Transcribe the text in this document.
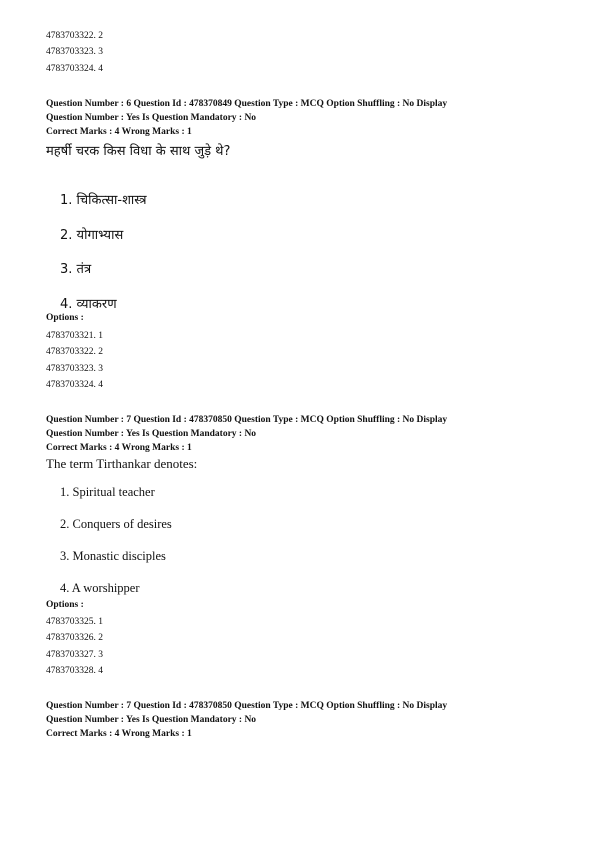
4783703322. 2
4783703323. 3
4783703324. 4
Question Number : 6 Question Id : 478370849 Question Type : MCQ Option Shuffling : No Display
Question Number : Yes Is Question Mandatory : No
Correct Marks : 4 Wrong Marks : 1
महर्षी चरक किस विधा के साथ जुड़े थे?
1. चिकित्सा-शास्त्र
2. योगाभ्यास
3. तंत्र
4. व्याकरण
Options :
4783703321. 1
4783703322. 2
4783703323. 3
4783703324. 4
Question Number : 7 Question Id : 478370850 Question Type : MCQ Option Shuffling : No Display
Question Number : Yes Is Question Mandatory : No
Correct Marks : 4 Wrong Marks : 1
The term Tirthankar denotes:
1. Spiritual teacher
2. Conquers of desires
3. Monastic disciples
4. A worshipper
Options :
4783703325. 1
4783703326. 2
4783703327. 3
4783703328. 4
Question Number : 7 Question Id : 478370850 Question Type : MCQ Option Shuffling : No Display
Question Number : Yes Is Question Mandatory : No
Correct Marks : 4 Wrong Marks : 1
